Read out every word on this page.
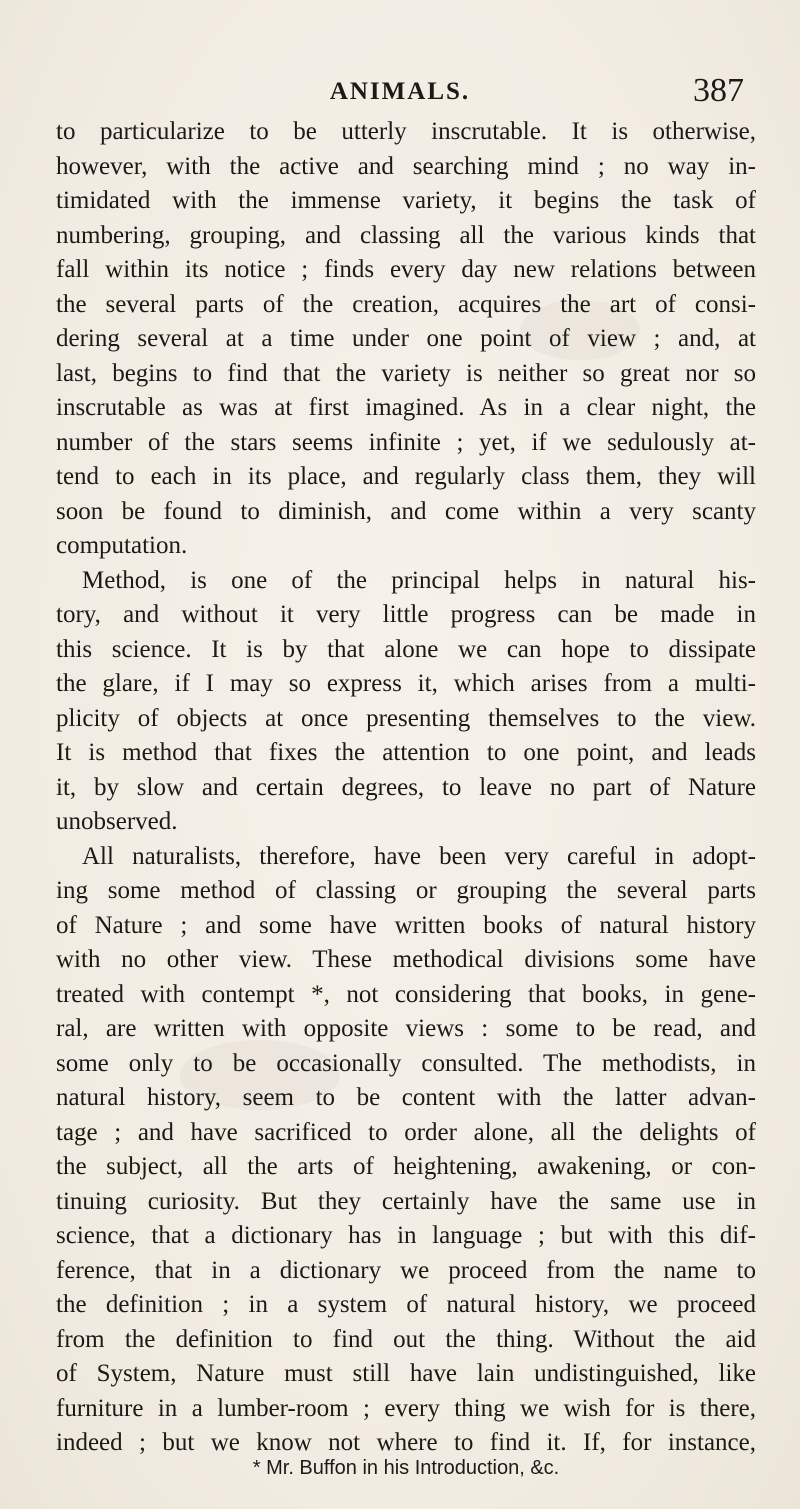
ANIMALS.	387
to particularize to be utterly inscrutable. It is otherwise,
however, with the active and searching mind ; no way in-
timidated with the immense variety, it begins the task of
numbering, grouping, and classing all the various kinds that
fall within its notice ; finds every day new relations between
the several parts of the creation, acquires the art of consi-
dering several at a time under one point of view ; and, at
last, begins to find that the variety is neither so great nor so
inscrutable as was at first imagined. As in a clear night, the
number of the stars seems infinite ; yet, if we sedulously at-
tend to each in its place, and regularly class them, they will
soon be found to diminish, and come within a very scanty
computation.
Method, is one of the principal helps in natural his-
tory, and without it very little progress can be made in
this science. It is by that alone we can hope to dissipate
the glare, if I may so express it, which arises from a multi-
plicity of objects at once presenting themselves to the view.
It is method that fixes the attention to one point, and leads
it, by slow and certain degrees, to leave no part of Nature
unobserved.
All naturalists, therefore, have been very careful in adopt-
ing some method of classing or grouping the several parts
of Nature ; and some have written books of natural history
with no other view. These methodical divisions some have
treated with contempt *, not considering that books, in gene-
ral, are written with opposite views : some to be read, and
some only to be occasionally consulted. The methodists, in
natural history, seem to be content with the latter advan-
tage ; and have sacrificed to order alone, all the delights of
the subject, all the arts of heightening, awakening, or con-
tinuing curiosity. But they certainly have the same use in
science, that a dictionary has in language ; but with this dif-
ference, that in a dictionary we proceed from the name to
the definition ; in a system of natural history, we proceed
from the definition to find out the thing. Without the aid
of System, Nature must still have lain undistinguished, like
furniture in a lumber-room ; every thing we wish for is there,
indeed ; but we know not where to find it. If, for instance,
* Mr. Buffon in his Introduction, &c.
